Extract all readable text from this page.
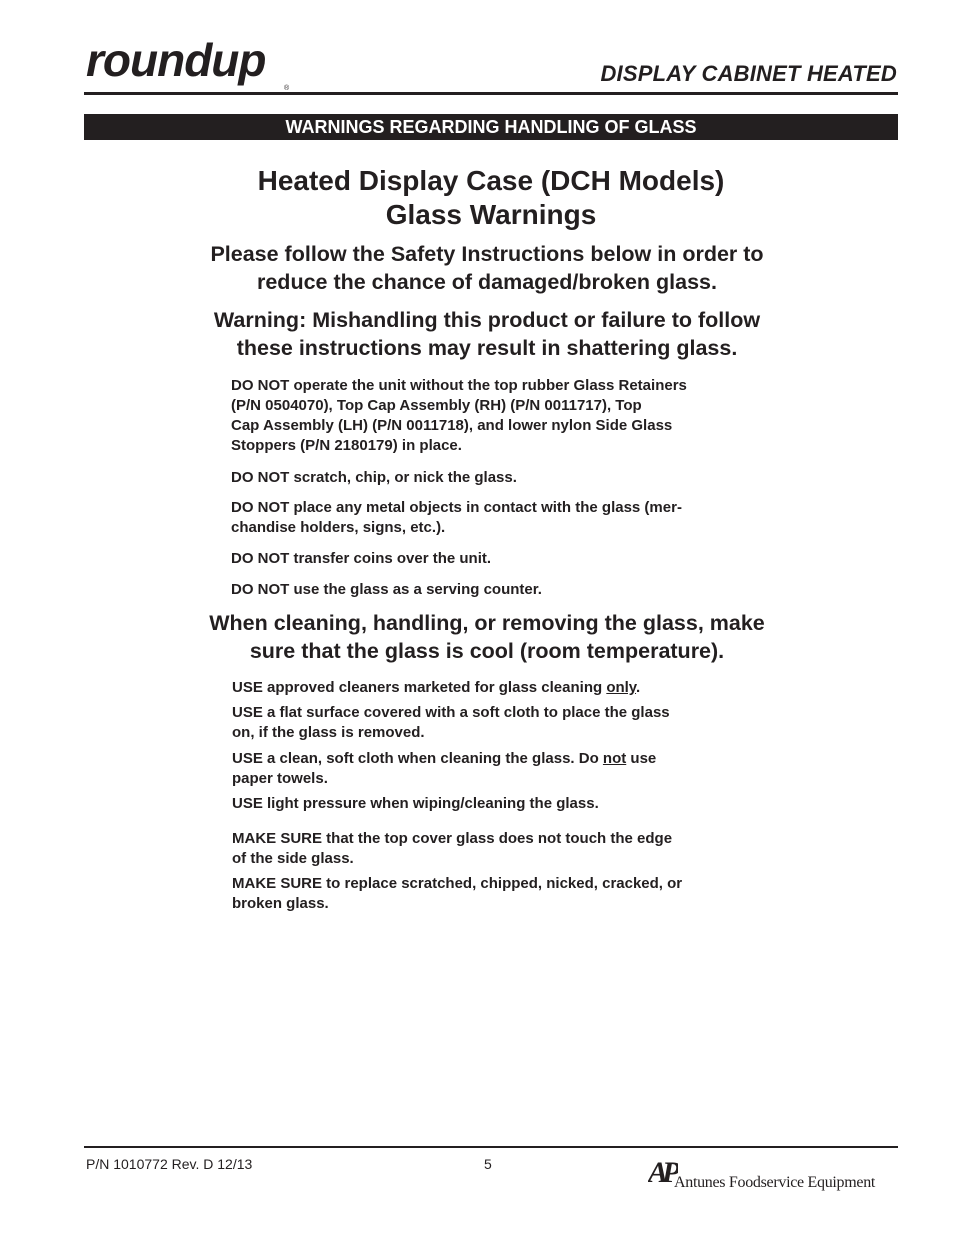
roundup
®
DISPLAY CABINET HEATED
WARNINGS REGARDING HANDLING OF GLASS
Heated Display Case (DCH Models)
Glass Warnings
Please follow the Safety Instructions below in order to
reduce the chance of damaged/broken glass.
Warning: Mishandling this product or failure to follow
these instructions may result in shattering glass.
DO NOT operate the unit without the top rubber Glass Retainers
(P/N 0504070), Top Cap Assembly (RH) (P/N 0011717), Top
Cap Assembly (LH) (P/N 0011718), and lower nylon Side Glass
Stoppers (P/N 2180179) in place.
DO NOT scratch, chip, or nick the glass.
DO NOT place any metal objects in contact with the glass (mer-
chandise holders, signs, etc.).
DO NOT transfer coins over the unit.
DO NOT use the glass as a serving counter.
When cleaning, handling, or removing the glass, make
sure that the glass is cool (room temperature).
USE approved cleaners marketed for glass cleaning only.
USE a flat surface covered with a soft cloth to place the glass
on, if the glass is removed.
USE a clean, soft cloth when cleaning the glass. Do not use
paper towels.
USE light pressure when wiping/cleaning the glass.
MAKE SURE that the top cover glass does not touch the edge
of the side glass.
MAKE SURE to replace scratched, chipped, nicked, cracked, or
broken glass.
P/N 1010772 Rev. D 12/13	5	AP Antunes Foodservice Equipment
